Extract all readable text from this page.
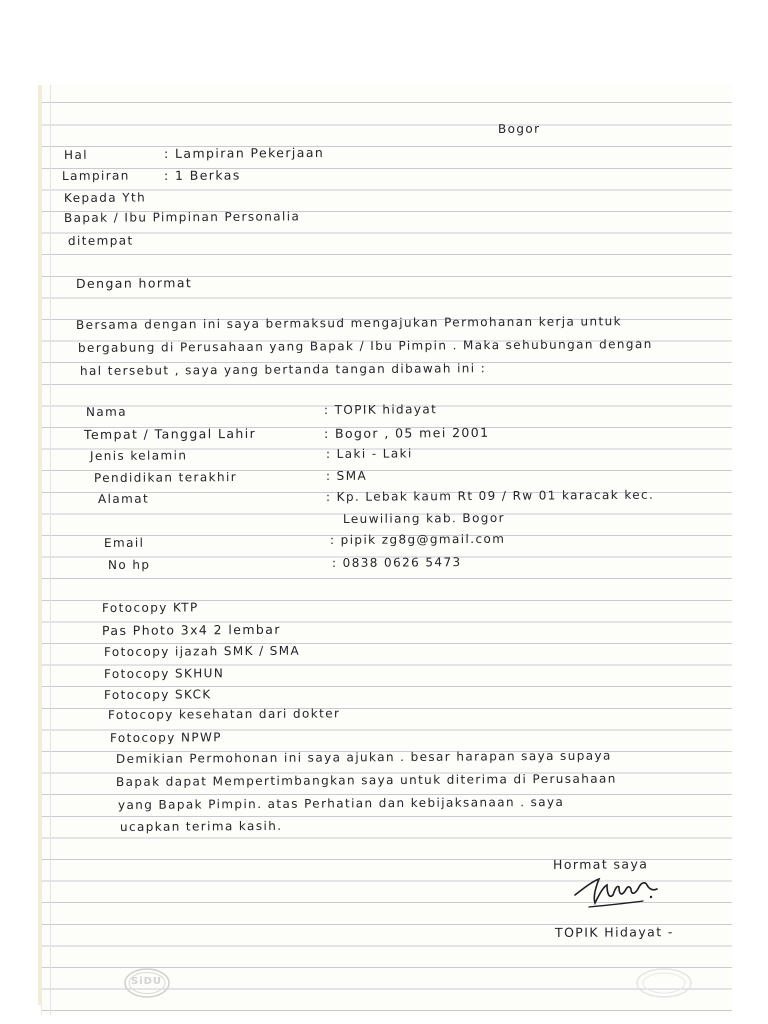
Bogor
Hal	: Lampiran Pekerjaan
Lampiran	: 1 Berkas
Kepada Yth
Bapak / Ibu Pimpinan Personalia
ditempat
Dengan hormat
Bersama dengan ini saya bermaksud mengajukan Permohanan kerja untuk
bergabung di Perusahaan yang Bapak / Ibu Pimpin . Maka sehubungan dengan
hal tersebut , saya yang bertanda tangan dibawah ini :
Nama	: TOPIK hidayat
Tempat / Tanggal Lahir	: Bogor , 05 mei 2001
Jenis kelamin	: Laki - Laki
Pendidikan terakhir	: SMA
Alamat	: Kp. Lebak kaum Rt 09 / Rw 01 karacak kec.
Leuwiliang kab. Bogor
Email	: pipik zg8g@gmail.com
No hp	: 0838 0626 5473
Fotocopy KTP
Pas Photo 3x4 2 lembar
Fotocopy ijazah SMK / SMA
Fotocopy SKHUN
Fotocopy SKCK
Fotocopy kesehatan dari dokter
Fotocopy NPWP
Demikian Permohonan ini saya ajukan . besar harapan saya supaya
Bapak dapat Mempertimbangkan saya untuk diterima di Perusahaan
yang Bapak Pimpin. atas Perhatian dan kebijaksanaan . saya
ucapkan terima kasih.
Hormat saya
TOPIK Hidayat -
SiDU
